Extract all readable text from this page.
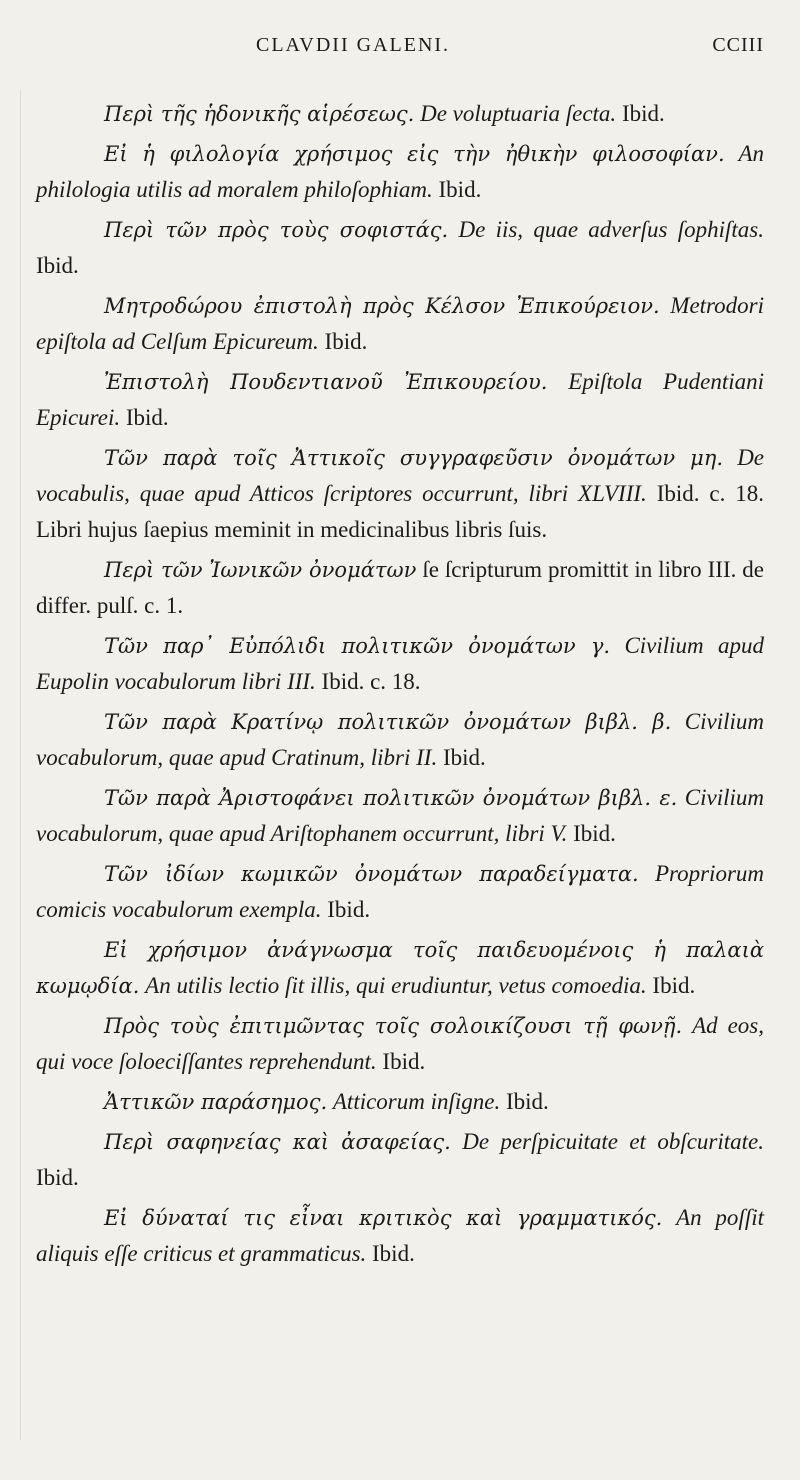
CLAVDII GALENI.	CCIII

Περὶ τῆς ἡδονικῆς αἱρέσεως. De voluptuaria ſecta. Ibid.

Εἰ ἡ φιλολογία χρήσιμος εἰς τὴν ἠθικὴν φιλοσοφίαν. An philologia utilis ad moralem philoſophiam. Ibid.

Περὶ τῶν πρὸς τοὺς σοφιστάς. De iis, quae adverſus ſophiſtas. Ibid.

Μητροδώρου ἐπιστολὴ πρὸς Κέλσον Ἐπικούρειον. Metrodori epiſtola ad Celſum Epicureum. Ibid.

Ἐπιστολὴ Πουδεντιανοῦ Ἐπικουρείου. Epiſtola Pudentiani Epicurei. Ibid.

Τῶν παρὰ τοῖς Ἀττικοῖς συγγραφεῦσιν ὀνομάτων μη. De vocabulis, quae apud Atticos ſcriptores occurrunt, libri XLVIII. Ibid. c. 18. Libri hujus ſaepius meminit in medicinalibus libris ſuis.

Περὶ τῶν Ἰωνικῶν ὀνομάτων ſe ſcripturum promittit in libro III. de differ. pulſ. c. 1.

Τῶν παρ᾽ Εὐπόλιδι πολιτικῶν ὀνομάτων γ. Civilium apud Eupolin vocabulorum libri III. Ibid. c. 18.

Τῶν παρὰ Κρατίνῳ πολιτικῶν ὀνομάτων βιβλ. β. Civilium vocabulorum, quae apud Cratinum, libri II. Ibid.

Τῶν παρὰ Ἀριστοφάνει πολιτικῶν ὀνομάτων βιβλ. ε. Civilium vocabulorum, quae apud Ariſtophanem occurrunt, libri V. Ibid.

Τῶν ἰδίων κωμικῶν ὀνομάτων παραδείγματα. Propriorum comicis vocabulorum exempla. Ibid.

Εἰ χρήσιμον ἀνάγνωσμα τοῖς παιδευομένοις ἡ παλαιὰ κωμῳδία. An utilis lectio ſit illis, qui erudiuntur, vetus comoedia. Ibid.

Πρὸς τοὺς ἐπιτιμῶντας τοῖς σολοικίζουσι τῇ φωνῇ. Ad eos, qui voce ſoloeciſſantes reprehendunt. Ibid.

Ἀττικῶν παράσημος. Atticorum inſigne. Ibid.

Περὶ σαφηνείας καὶ ἀσαφείας. De perſpicuitate et obſcuritate. Ibid.

Εἰ δύναταί τις εἶναι κριτικὸς καὶ γραμματικός. An poſſit aliquis eſſe criticus et grammaticus. Ibid.
